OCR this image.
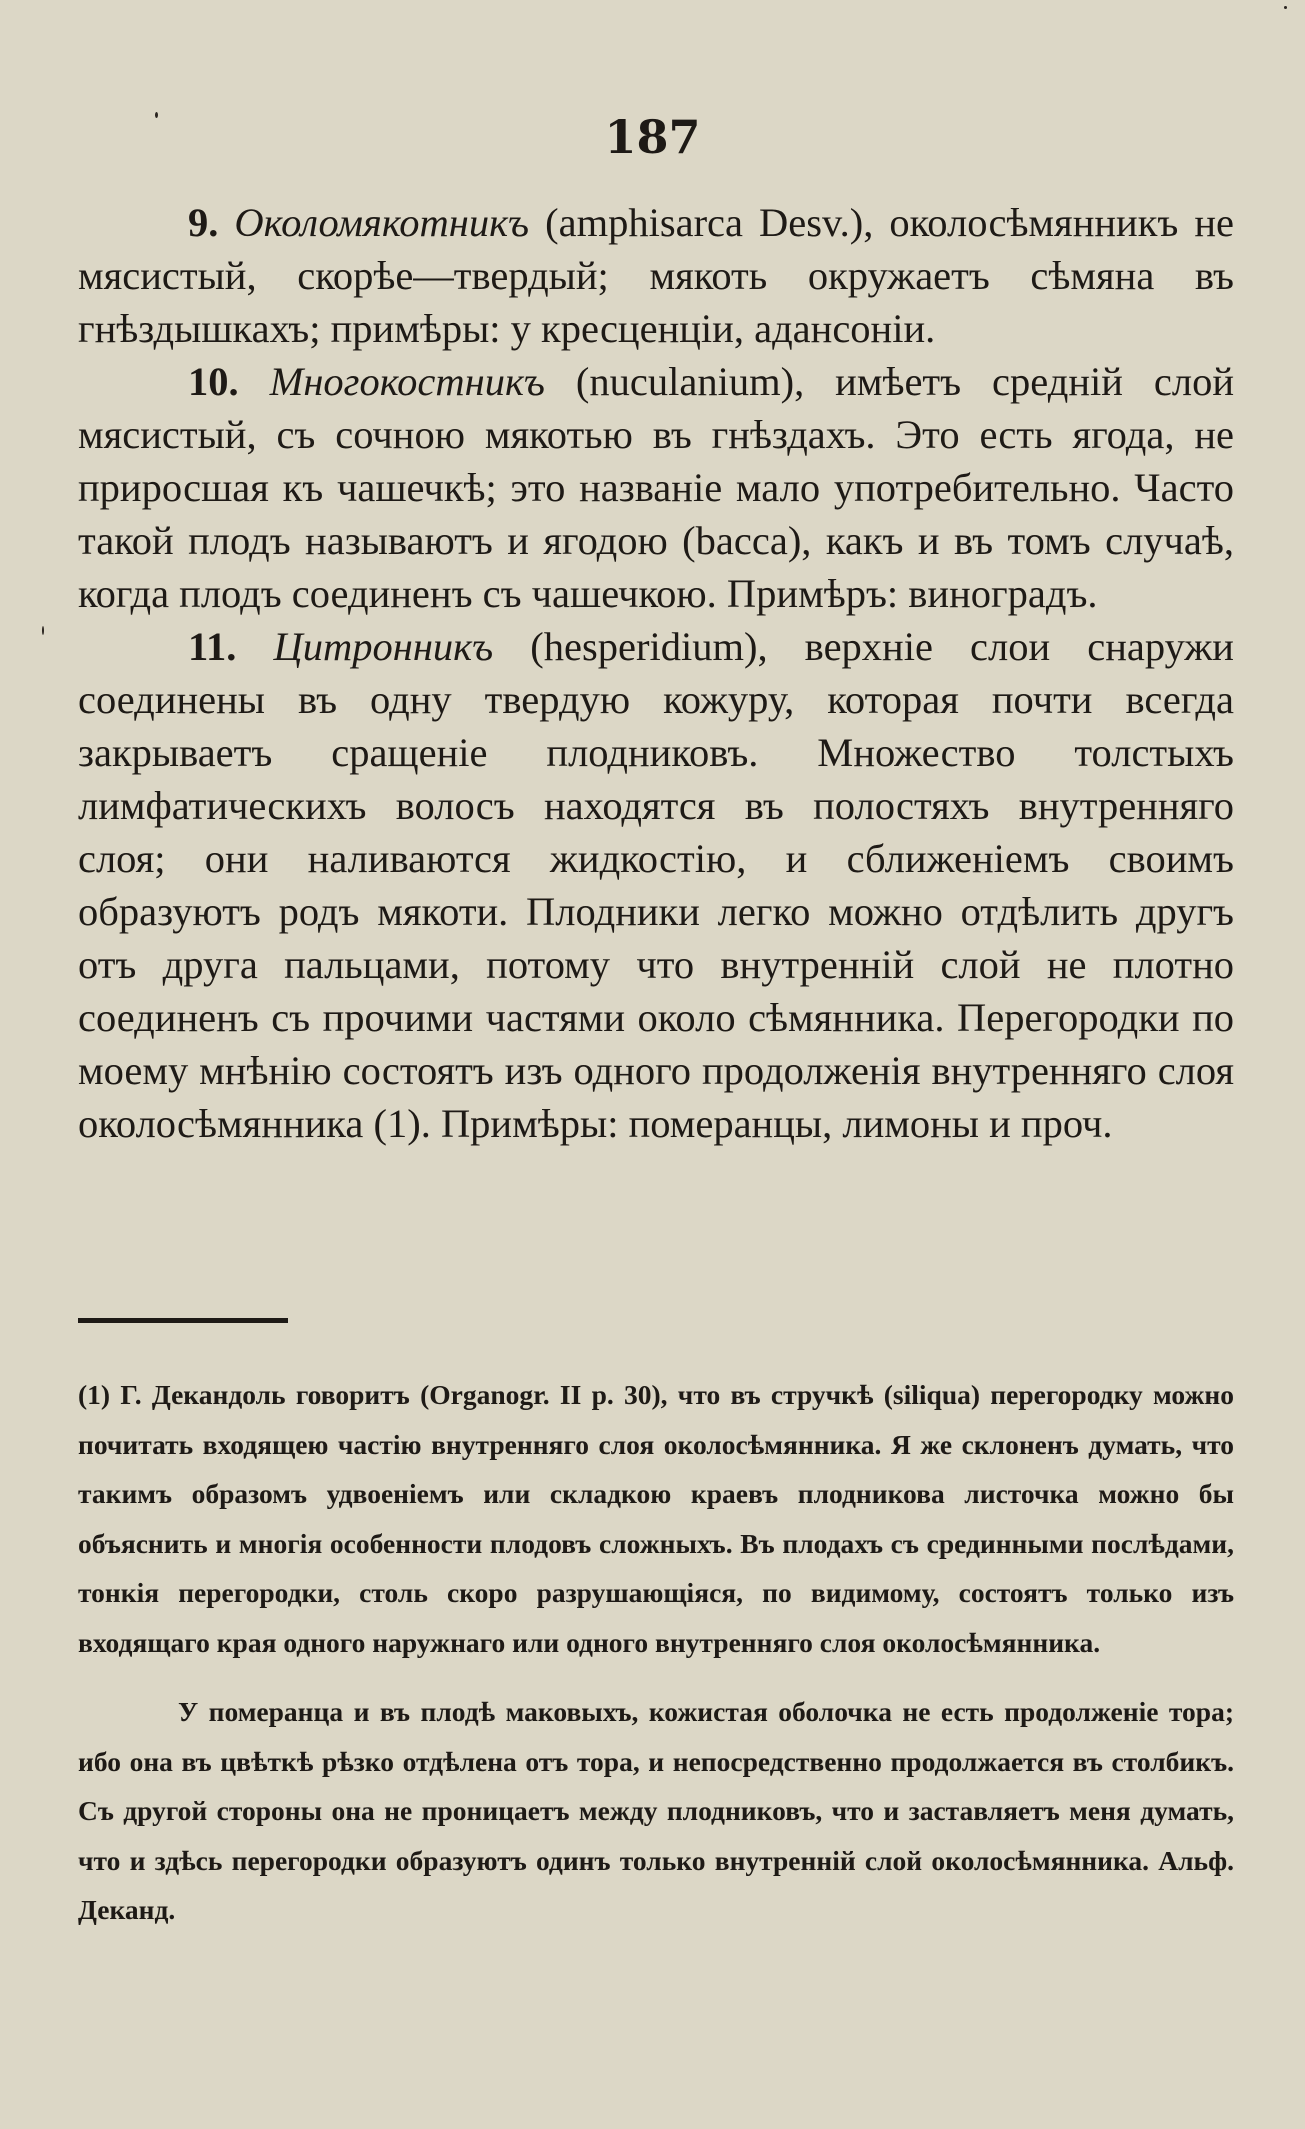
187

9. Околомякотникъ (amphisarca Desv.), околосѣмянникъ не мясистый, скорѣе—твердый; мякоть окружаетъ сѣмяна въ гнѣздышкахъ; примѣры: у кресценціи, адансоніи.

10. Многокостникъ (nuculanium), имѣетъ средній слой мясистый, съ сочною мякотью въ гнѣздахъ. Это есть ягода, не приросшая къ чашечкѣ; это названіе мало употребительно. Часто такой плодъ называютъ и ягодою (bacca), какъ и въ томъ случаѣ, когда плодъ соединенъ съ чашечкою. Примѣръ: виноградъ.

11. Цитронникъ (hesperidium), верхніе слои снаружи соединены въ одну твердую кожуру, которая почти всегда закрываетъ сращеніе плодниковъ. Множество толстыхъ лимфатическихъ волосъ находятся въ полостяхъ внутренняго слоя; они наливаются жидкостію, и сближеніемъ своимъ образуютъ родъ мякоти. Плодники легко можно отдѣлить другъ отъ друга пальцами, потому что внутренній слой не плотно соединенъ съ прочими частями около сѣмянника. Перегородки по моему мнѣнію состоятъ изъ одного продолженія внутренняго слоя околосѣмянника (1). Примѣры: померанцы, лимоны и проч.

(1) Г. Декандоль говоритъ (Organogr. II p. 30), что въ стручкѣ (siliqua) перегородку можно почитать входящею частію внутренняго слоя околосѣмянника. Я же склоненъ думать, что такимъ образомъ удвоеніемъ или складкою краевъ плодникова листочка можно бы объяснить и многія особенности плодовъ сложныхъ. Въ плодахъ съ срединными послѣдами, тонкія перегородки, столь скоро разрушающіяся, по видимому, состоятъ только изъ входящаго края одного наружнаго или одного внутренняго слоя околосѣмянника.

У померанца и въ плодѣ маковыхъ, кожистая оболочка не есть продолженіе тора; ибо она въ цвѣткѣ рѣзко отдѣлена отъ тора, и непосредственно продолжается въ столбикъ. Съ другой стороны она не проницаетъ между плодниковъ, что и заставляетъ меня думать, что и здѣсь перегородки образуютъ одинъ только внутренній слой околосѣмянника. Альф. Деканд.
